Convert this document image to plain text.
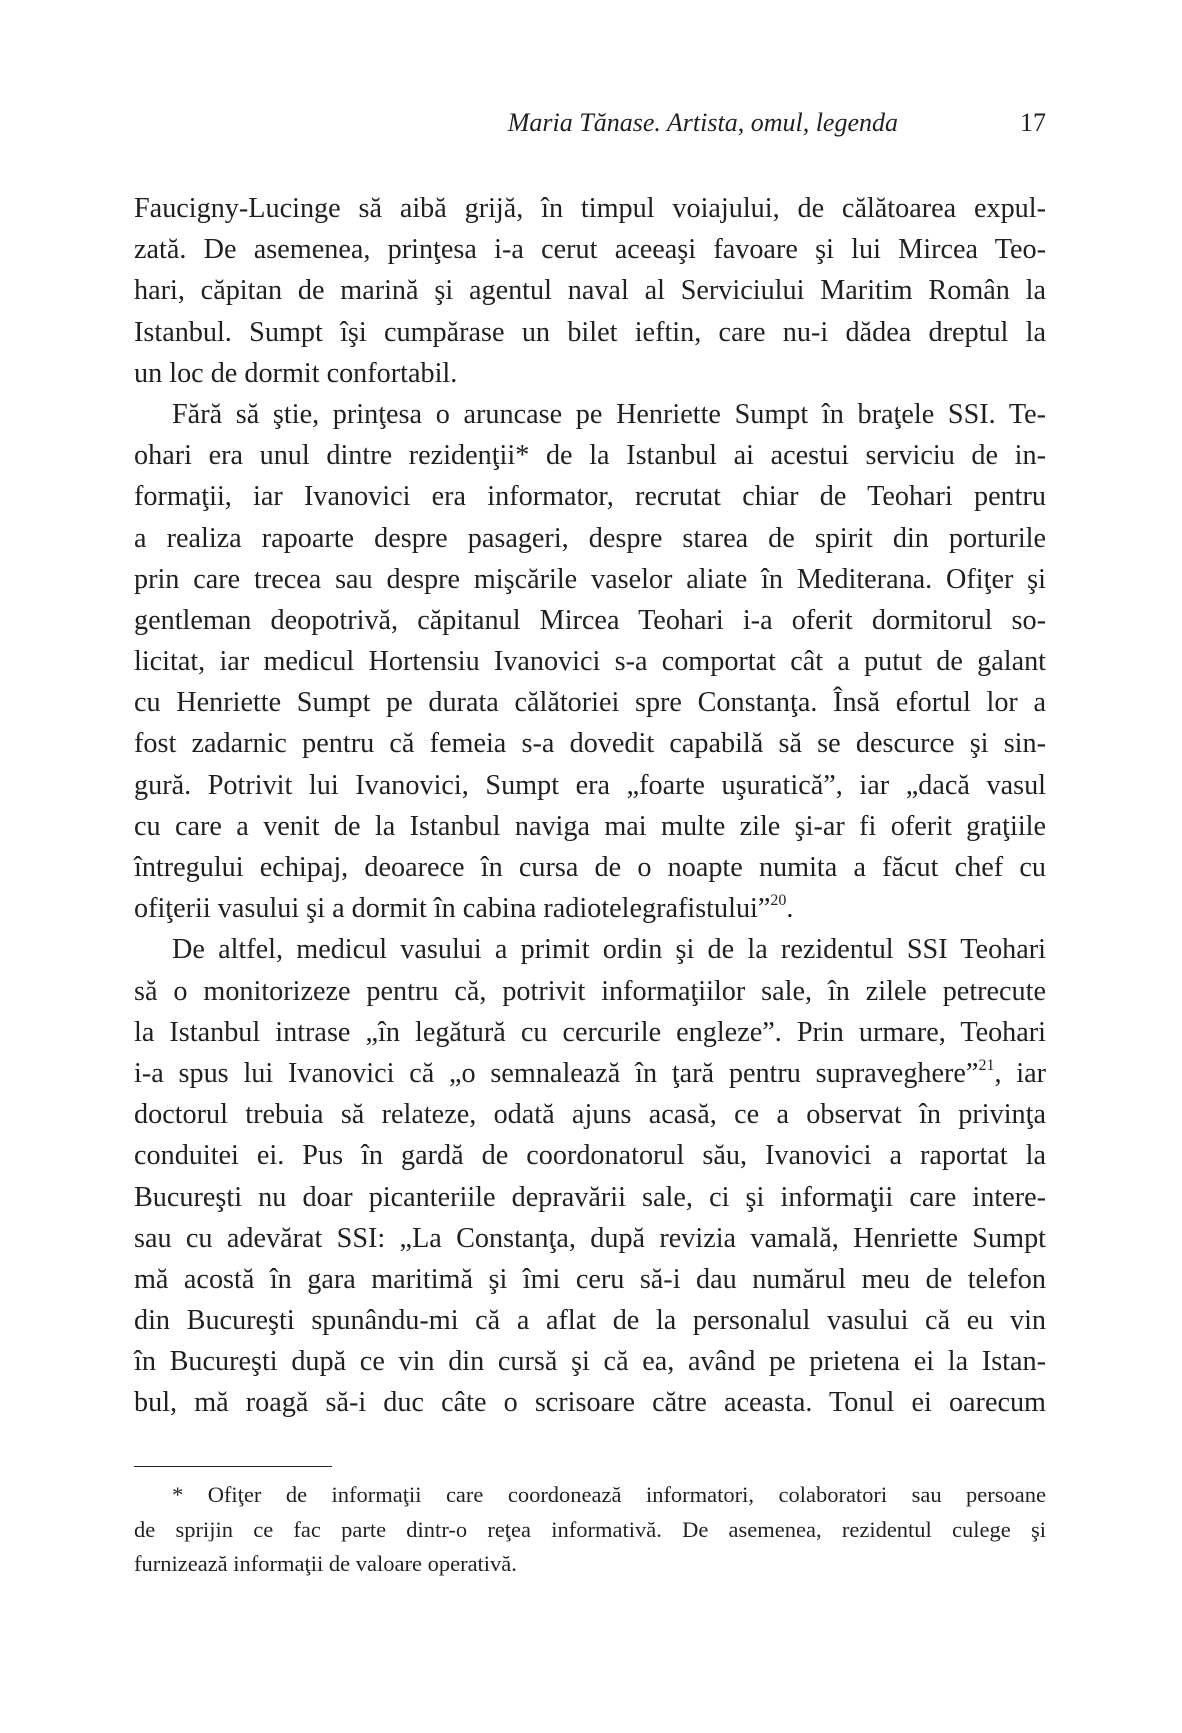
Maria Tănase. Artista, omul, legenda	17
Faucigny-Lucinge să aibă grijă, în timpul voiajului, de călătoarea expul-
zată. De asemenea, prinţesa i-a cerut aceeaşi favoare şi lui Mircea Teo-
hari, căpitan de marină şi agentul naval al Serviciului Maritim Român la
Istanbul. Sumpt îşi cumpărase un bilet ieftin, care nu-i dădea dreptul la
un loc de dormit confortabil.
Fără să ştie, prinţesa o aruncase pe Henriette Sumpt în braţele SSI. Te-
ohari era unul dintre rezidenţii* de la Istanbul ai acestui serviciu de in-
formaţii, iar Ivanovici era informator, recrutat chiar de Teohari pentru
a realiza rapoarte despre pasageri, despre starea de spirit din porturile
prin care trecea sau despre mişcările vaselor aliate în Mediterana. Ofiţer şi
gentleman deopotrivă, căpitanul Mircea Teohari i-a oferit dormitorul so-
licitat, iar medicul Hortensiu Ivanovici s-a comportat cât a putut de galant
cu Henriette Sumpt pe durata călătoriei spre Constanţa. Însă efortul lor a
fost zadarnic pentru că femeia s-a dovedit capabilă să se descurce şi sin-
gură. Potrivit lui Ivanovici, Sumpt era „foarte uşuratică”, iar „dacă vasul
cu care a venit de la Istanbul naviga mai multe zile şi-ar fi oferit graţiile
întregului echipaj, deoarece în cursa de o noapte numita a făcut chef cu
ofiţerii vasului şi a dormit în cabina radiotelegrafistului”$^{20}$.
De altfel, medicul vasului a primit ordin şi de la rezidentul SSI Teohari
să o monitorizeze pentru că, potrivit informaţiilor sale, în zilele petrecute
la Istanbul intrase „în legătură cu cercurile engleze”. Prin urmare, Teohari
i-a spus lui Ivanovici că „o semnalează în ţară pentru supraveghere”$^{21}$, iar
doctorul trebuia să relateze, odată ajuns acasă, ce a observat în privinţa
conduitei ei. Pus în gardă de coordonatorul său, Ivanovici a raportat la
Bucureşti nu doar picanteriile depravării sale, ci şi informaţii care intere-
sau cu adevărat SSI: „La Constanţa, după revizia vamală, Henriette Sumpt
mă acostă în gara maritimă şi îmi ceru să-i dau numărul meu de telefon
din Bucureşti spunându-mi că a aflat de la personalul vasului că eu vin
în Bucureşti după ce vin din cursă şi că ea, având pe prietena ei la Istan-
bul, mă roagă să-i duc câte o scrisoare către aceasta. Tonul ei oarecum
* Ofiţer de informaţii care coordonează informatori, colaboratori sau persoane
de sprijin ce fac parte dintr-o reţea informativă. De asemenea, rezidentul culege şi
furnizează informaţii de valoare operativă.
